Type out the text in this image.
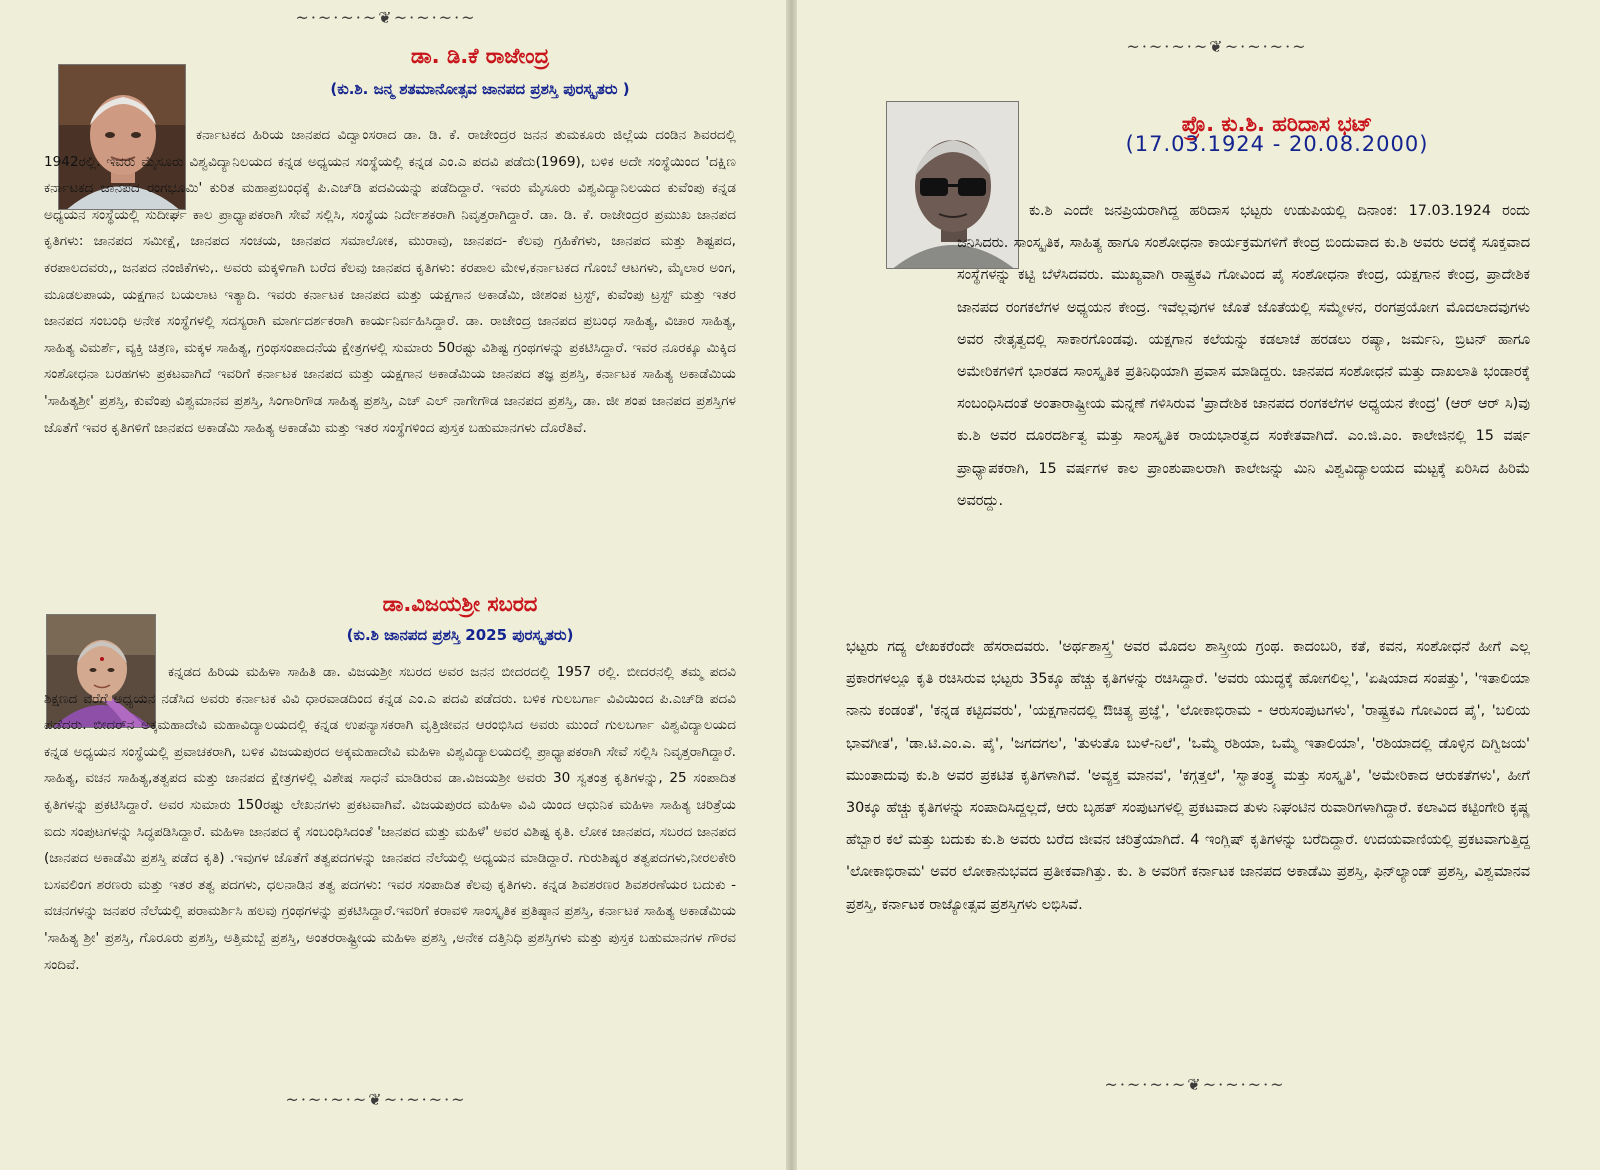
~·~·~·~❦~·~·~·~
ಡಾ. ಡಿ.ಕೆ ರಾಜೇಂದ್ರ
(ಕು.ಶಿ. ಜನ್ಮ ಶತಮಾನೋತ್ಸವ ಜಾನಪದ ಪ್ರಶಸ್ತಿ ಪುರಸ್ಕೃತರು )

ಕರ್ನಾಟಕದ ಹಿರಿಯ ಜಾನಪದ ವಿದ್ವಾಂಸರಾದ ಡಾ. ಡಿ. ಕೆ. ರಾಜೇಂದ್ರರ ಜನನ ತುಮಕೂರು ಜಿಲ್ಲೆಯ ದಂಡಿನ ಶಿವರದಲ್ಲಿ 1942ರಲ್ಲಿ. ಇವರು ಮೈಸೂರು ವಿಶ್ವವಿದ್ಯಾನಿಲಯದ ಕನ್ನಡ ಅಧ್ಯಯನ ಸಂಸ್ಥೆಯಲ್ಲಿ ಕನ್ನಡ ಎಂ.ಎ ಪದವಿ ಪಡೆದು(1969), ಬಳಿಕ ಅದೇ ಸಂಸ್ಥೆಯಿಂದ 'ದಕ್ಷಿಣ ಕರ್ನಾಟಕದ ಜಾನಪದ ರಂಗಭೂಮಿ' ಕುರಿತ ಮಹಾಪ್ರಬಂಧಕ್ಕೆ ಪಿ.ಎಚ್‌ಡಿ ಪದವಿಯನ್ನು ಪಡೆದಿದ್ದಾರೆ. ಇವರು ಮೈಸೂರು ವಿಶ್ವವಿದ್ಯಾನಿಲಯದ ಕುವೆಂಪು ಕನ್ನಡ ಅಧ್ಯಯನ ಸಂಸ್ಥೆಯಲ್ಲಿ ಸುದೀರ್ಘ ಕಾಲ ಪ್ರಾಧ್ಯಾಪಕರಾಗಿ ಸೇವೆ ಸಲ್ಲಿಸಿ, ಸಂಸ್ಥೆಯ ನಿರ್ದೇಶಕರಾಗಿ ನಿವೃತ್ತರಾಗಿದ್ದಾರೆ. ಡಾ. ಡಿ. ಕೆ. ರಾಜೇಂದ್ರರ ಪ್ರಮುಖ ಜಾನಪದ ಕೃತಿಗಳು: ಜಾನಪದ ಸಮೀಕ್ಷೆ, ಜಾನಪದ ಸಂಚಯ, ಜಾನಪದ ಸಮಾಲೋಕ, ಮುರಾವು, ಜಾನಪದ- ಕೆಲವು ಗ್ರಹಿಕೆಗಳು, ಜಾನಪದ ಮತ್ತು ಶಿಷ್ಟಪದ, ಕರಪಾಲದವರು,, ಜನಪದ ನಂಜಿಕೆಗಳು,. ಅವರು ಮಕ್ಕಳಿಗಾಗಿ ಬರೆದ ಕೆಲವು ಜಾನಪದ ಕೃತಿಗಳು: ಕರಪಾಲ ಮೇಳ,ಕರ್ನಾಟಕದ ಗೊಂಬೆ ಆಟಗಳು, ಮೈಲಾರ ಅಂಗ, ಮೂಡಲಪಾಯ, ಯಕ್ಷಗಾನ ಬಯಲಾಟ ಇತ್ಯಾದಿ. ಇವರು ಕರ್ನಾಟಕ ಜಾನಪದ ಮತ್ತು ಯಕ್ಷಗಾನ ಅಕಾಡೆಮಿ, ಜೀಶಂಪ ಟ್ರಸ್ಟ್, ಕುವೆಂಪು ಟ್ರಸ್ಟ್ ಮತ್ತು ಇತರ ಜಾನಪದ ಸಂಬಂಧಿ ಅನೇಕ ಸಂಸ್ಥೆಗಳಲ್ಲಿ ಸದಸ್ಯರಾಗಿ ಮಾರ್ಗದರ್ಶಕರಾಗಿ ಕಾರ್ಯನಿರ್ವಹಿಸಿದ್ದಾರೆ. ಡಾ. ರಾಜೇಂದ್ರ ಜಾನಪದ ಪ್ರಬಂಧ ಸಾಹಿತ್ಯ, ವಿಚಾರ ಸಾಹಿತ್ಯ, ಸಾಹಿತ್ಯ ವಿಮರ್ಶೆ, ವ್ಯಕ್ತಿ ಚಿತ್ರಣ, ಮಕ್ಕಳ ಸಾಹಿತ್ಯ, ಗ್ರಂಥಸಂಪಾದನೆಯ ಕ್ಷೇತ್ರಗಳಲ್ಲಿ ಸುಮಾರು 50ರಷ್ಟು ವಿಶಿಷ್ಟ ಗ್ರಂಥಗಳನ್ನು ಪ್ರಕಟಿಸಿದ್ದಾರೆ. ಇವರ ನೂರಕ್ಕೂ ಮಿಕ್ಕಿದ ಸಂಶೋಧನಾ ಬರಹಗಳು ಪ್ರಕಟವಾಗಿದೆ ಇವರಿಗೆ ಕರ್ನಾಟಕ ಜಾನಪದ ಮತ್ತು ಯಕ್ಷಗಾನ ಅಕಾಡೆಮಿಯ ಜಾನಪದ ತಜ್ಞ ಪ್ರಶಸ್ತಿ, ಕರ್ನಾಟಕ ಸಾಹಿತ್ಯ ಅಕಾಡೆಮಿಯ 'ಸಾಹಿತ್ಯಶ್ರೀ' ಪ್ರಶಸ್ತಿ, ಕುವೆಂಪು ವಿಶ್ವಮಾನವ ಪ್ರಶಸ್ತಿ, ಸಿಂಗಾರಿಗೌಡ ಸಾಹಿತ್ಯ ಪ್ರಶಸ್ತಿ, ಎಚ್ ಎಲ್ ನಾಗೇಗೌಡ ಜಾನಪದ ಪ್ರಶಸ್ತಿ, ಡಾ. ಜೀ ಶಂಪ ಜಾನಪದ ಪ್ರಶಸ್ತಿಗಳ ಜೊತೆಗೆ ಇವರ ಕೃತಿಗಳಿಗೆ ಜಾನಪದ ಅಕಾಡೆಮಿ ಸಾಹಿತ್ಯ ಅಕಾಡೆಮಿ ಮತ್ತು ಇತರ ಸಂಸ್ಥೆಗಳಿಂದ ಪುಸ್ತಕ ಬಹುಮಾನಗಳು ದೊರೆತಿವೆ.

ಡಾ.ವಿಜಯಶ್ರೀ ಸಬರದ
(ಕು.ಶಿ ಜಾನಪದ ಪ್ರಶಸ್ತಿ 2025 ಪುರಸ್ಕೃತರು)

ಕನ್ನಡದ ಹಿರಿಯ ಮಹಿಳಾ ಸಾಹಿತಿ ಡಾ. ವಿಜಯಶ್ರೀ ಸಬರದ ಅವರ ಜನನ ಬೀದರದಲ್ಲಿ 1957 ರಲ್ಲಿ. ಬೀದರನಲ್ಲಿ ತಮ್ಮ ಪದವಿ ಶಿಕ್ಷಣದ ವರೆಗೆ ಅಧ್ಯಯನ ನಡೆಸಿದ ಅವರು ಕರ್ನಾಟಕ ವಿವಿ ಧಾರವಾಡದಿಂದ ಕನ್ನಡ ಎಂ.ಎ ಪದವಿ ಪಡೆದರು. ಬಳಿಕ ಗುಲಬರ್ಗಾ ವಿವಿಯಿಂದ ಪಿ.ಎಚ್‌ಡಿ ಪದವಿ ಪಡೆದರು. ಬೀದರ್‌ನ ಅಕ್ಕಮಹಾದೇವಿ ಮಹಾವಿದ್ಯಾಲಯದಲ್ಲಿ ಕನ್ನಡ ಉಪನ್ಯಾಸಕರಾಗಿ ವೃತ್ತಿಜೀವನ ಆರಂಭಿಸಿದ ಅವರು ಮುಂದೆ ಗುಲಬರ್ಗಾ ವಿಶ್ವವಿದ್ಯಾಲಯದ ಕನ್ನಡ ಅಧ್ಯಯನ ಸಂಸ್ಥೆಯಲ್ಲಿ ಪ್ರವಾಚಕರಾಗಿ, ಬಳಿಕ ವಿಜಯಪುರದ ಅಕ್ಕಮಹಾದೇವಿ ಮಹಿಳಾ ವಿಶ್ವವಿದ್ಯಾಲಯದಲ್ಲಿ ಪ್ರಾಧ್ಯಾಪಕರಾಗಿ ಸೇವೆ ಸಲ್ಲಿಸಿ ನಿವೃತ್ತರಾಗಿದ್ದಾರೆ. ಸಾಹಿತ್ಯ, ವಚನ ಸಾಹಿತ್ಯ,ತತ್ವಪದ ಮತ್ತು ಜಾನಪದ ಕ್ಷೇತ್ರಗಳಲ್ಲಿ ವಿಶೇಷ ಸಾಧನೆ ಮಾಡಿರುವ ಡಾ.ವಿಜಯಶ್ರೀ ಅವರು 30 ಸ್ವತಂತ್ರ ಕೃತಿಗಳನ್ನು, 25 ಸಂಪಾದಿತ ಕೃತಿಗಳನ್ನು ಪ್ರಕಟಿಸಿದ್ದಾರೆ. ಅವರ ಸುಮಾರು 150ರಷ್ಟು ಲೇಖನಗಳು ಪ್ರಕಟವಾಗಿವೆ. ವಿಜಯಪುರದ ಮಹಿಳಾ ವಿವಿ ಯಿಂದ ಆಧುನಿಕ ಮಹಿಳಾ ಸಾಹಿತ್ಯ ಚರಿತ್ರೆಯ ಐದು ಸಂಪುಟಗಳನ್ನು ಸಿದ್ಧಪಡಿಸಿದ್ದಾರೆ. ಮಹಿಳಾ ಜಾನಪದ ಕ್ಕೆ ಸಂಬಂಧಿಸಿದಂತೆ 'ಜಾನಪದ ಮತ್ತು ಮಹಿಳೆ' ಅವರ ವಿಶಿಷ್ಟ ಕೃತಿ. ಲೋಕ ಜಾನಪದ, ಸಬರದ ಜಾನಪದ (ಜಾನಪದ ಅಕಾಡೆಮಿ ಪ್ರಶಸ್ತಿ ಪಡೆದ ಕೃತಿ) .ಇವುಗಳ ಜೊತೆಗೆ ತತ್ವಪದಗಳನ್ನು ಜಾನಪದ ನೆಲೆಯಲ್ಲಿ ಅಧ್ಯಯನ ಮಾಡಿದ್ದಾರೆ. ಗುರುಶಿಷ್ಯರ ತತ್ವಪದಗಳು,ನೀರಲಕೇರಿ ಬಸವಲಿಂಗ ಶರಣರು ಮತ್ತು ಇತರ ತತ್ವ ಪದಗಳು, ಧಲನಾಡಿನ ತತ್ವ ಪದಗಳು: ಇವರ ಸಂಪಾದಿತ ಕೆಲವು ಕೃತಿಗಳು. ಕನ್ನಡ ಶಿವಶರಣರ ಶಿವಶರಣೆಯರ ಬದುಕು - ವಚನಗಳನ್ನು ಜನಪರ ನೆಲೆಯಲ್ಲಿ ಪರಾಮರ್ಶಿಸಿ ಹಲವು ಗ್ರಂಥಗಳನ್ನು ಪ್ರಕಟಿಸಿದ್ದಾರೆ.ಇವರಿಗೆ ಕರಾವಳಿ ಸಾಂಸ್ಕೃತಿಕ ಪ್ರತಿಷ್ಠಾನ ಪ್ರಶಸ್ತಿ, ಕರ್ನಾಟಕ ಸಾಹಿತ್ಯ ಅಕಾಡೆಮಿಯ 'ಸಾಹಿತ್ಯ ಶ್ರೀ' ಪ್ರಶಸ್ತಿ, ಗೊರೂರು ಪ್ರಶಸ್ತಿ, ಅತ್ತಿಮಬ್ಬೆ ಪ್ರಶಸ್ತಿ, ಅಂತರರಾಷ್ಟ್ರೀಯ ಮಹಿಳಾ ಪ್ರಶಸ್ತಿ ,ಅನೇಕ ದತ್ತಿನಿಧಿ ಪ್ರಶಸ್ತಿಗಳು ಮತ್ತು ಪುಸ್ತಕ ಬಹುಮಾನಗಳ ಗೌರವ ಸಂದಿವೆ.

~·~·~·~❦~·~·~·~
~·~·~·~❦~·~·~·~
ಪ್ರೊ. ಕು.ಶಿ. ಹರಿದಾಸ ಭಟ್
(17.03.1924 - 20.08.2000)

ಕು.ಶಿ ಎಂದೇ ಜನಪ್ರಿಯರಾಗಿದ್ದ ಹರಿದಾಸ ಭಟ್ಟರು ಉಡುಪಿಯಲ್ಲಿ ದಿನಾಂಕ: 17.03.1924 ರಂದು ಜನಿಸಿದರು. ಸಾಂಸ್ಕೃತಿಕ, ಸಾಹಿತ್ಯ ಹಾಗೂ ಸಂಶೋಧನಾ ಕಾರ್ಯಕ್ರಮಗಳಿಗೆ ಕೇಂದ್ರ ಬಿಂದುವಾದ ಕು.ಶಿ ಅವರು ಅದಕ್ಕೆ ಸೂಕ್ತವಾದ ಸಂಸ್ಥೆಗಳನ್ನು ಕಟ್ಟಿ ಬೆಳೆಸಿದವರು. ಮುಖ್ಯವಾಗಿ ರಾಷ್ಟ್ರಕವಿ ಗೋವಿಂದ ಪೈ ಸಂಶೋಧನಾ ಕೇಂದ್ರ, ಯಕ್ಷಗಾನ ಕೇಂದ್ರ, ಪ್ರಾದೇಶಿಕ ಜಾನಪದ ರಂಗಕಲೆಗಳ ಅಧ್ಯಯನ ಕೇಂದ್ರ. ಇವೆಲ್ಲವುಗಳ ಜೊತೆ ಜೊತೆಯಲ್ಲಿ ಸಮ್ಮೇಳನ, ರಂಗಪ್ರಯೋಗ ಮೊದಲಾದವುಗಳು ಅವರ ನೇತೃತ್ವದಲ್ಲಿ ಸಾಕಾರಗೊಂಡವು. ಯಕ್ಷಗಾನ ಕಲೆಯನ್ನು ಕಡಲಾಚೆ ಹರಡಲು ರಷ್ಯಾ, ಜರ್ಮನಿ, ಬ್ರಿಟನ್ ಹಾಗೂ ಅಮೇರಿಕಗಳಿಗೆ ಭಾರತದ ಸಾಂಸ್ಕೃತಿಕ ಪ್ರತಿನಿಧಿಯಾಗಿ ಪ್ರವಾಸ ಮಾಡಿದ್ದರು. ಜಾನಪದ ಸಂಶೋಧನೆ ಮತ್ತು ದಾಖಲಾತಿ ಭಂಡಾರಕ್ಕೆ ಸಂಬಂಧಿಸಿದಂತೆ ಅಂತಾರಾಷ್ಟ್ರೀಯ ಮನ್ನಣೆ ಗಳಿಸಿರುವ 'ಪ್ರಾದೇಶಿಕ ಜಾನಪದ ರಂಗಕಲೆಗಳ ಅಧ್ಯಯನ ಕೇಂದ್ರ' (ಆರ್ ಆರ್ ಸಿ)ವು ಕು.ಶಿ ಅವರ ದೂರದರ್ಶಿತ್ವ ಮತ್ತು ಸಾಂಸ್ಕೃತಿಕ ರಾಯಭಾರತ್ವದ ಸಂಕೇತವಾಗಿದೆ. ಎಂ.ಜಿ.ಎಂ. ಕಾಲೇಜಿನಲ್ಲಿ 15 ವರ್ಷ ಪ್ರಾಧ್ಯಾಪಕರಾಗಿ, 15 ವರ್ಷಗಳ ಕಾಲ ಪ್ರಾಂಶುಪಾಲರಾಗಿ ಕಾಲೇಜನ್ನು ಮಿನಿ ವಿಶ್ವವಿದ್ಯಾಲಯದ ಮಟ್ಟಕ್ಕೆ ಏರಿಸಿದ ಹಿರಿಮೆ ಅವರದ್ದು.

ಭಟ್ಟರು ಗದ್ಯ ಲೇಖಕರೆಂದೇ ಹೆಸರಾದವರು. 'ಅರ್ಥಶಾಸ್ತ್ರ' ಅವರ ಮೊದಲ ಶಾಸ್ತ್ರೀಯ ಗ್ರಂಥ. ಕಾದಂಬರಿ, ಕತೆ, ಕವನ, ಸಂಶೋಧನೆ ಹೀಗೆ ಎಲ್ಲ ಪ್ರಕಾರಗಳಲ್ಲೂ ಕೃತಿ ರಚಿಸಿರುವ ಭಟ್ಟರು 35ಕ್ಕೂ ಹೆಚ್ಚು ಕೃತಿಗಳನ್ನು ರಚಿಸಿದ್ದಾರೆ. 'ಅವರು ಯುದ್ಧಕ್ಕೆ ಹೋಗಲಿಲ್ಲ', 'ಏಷಿಯಾದ ಸಂಪತ್ತು', 'ಇತಾಲಿಯಾ ನಾನು ಕಂಡಂತೆ', 'ಕನ್ನಡ ಕಟ್ಟಿದವರು', 'ಯಕ್ಷಗಾನದಲ್ಲಿ ಔಚಿತ್ಯ ಪ್ರಜ್ಞೆ', 'ಲೋಕಾಭಿರಾಮ - ಆರುಸಂಪುಟಗಳು', 'ರಾಷ್ಟ್ರಕವಿ ಗೋವಿಂದ ಪೈ', 'ಬಲಿಯ ಭಾವಗೀತ', 'ಡಾ.ಟಿ.ಎಂ.ಎ. ಪೈ', 'ಜಗದಗಲ', 'ತುಳುತೊ ಬುಳೆ-ನಿಲೆ', 'ಒಮ್ಮೆ ರಶಿಯಾ, ಒಮ್ಮೆ ಇತಾಲಿಯಾ', 'ರಶಿಯಾದಲ್ಲಿ ಡೊಳ್ಳಿನ ದಿಗ್ವಿಜಯ' ಮುಂತಾದುವು ಕು.ಶಿ ಅವರ ಪ್ರಕಟಿತ ಕೃತಿಗಳಾಗಿವೆ. 'ಅವ್ಯಕ್ತ ಮಾನವ', 'ಕಗ್ಗತ್ತಲೆ', 'ಸ್ವಾತಂತ್ರ್ಯ ಮತ್ತು ಸಂಸ್ಕೃತಿ', 'ಅಮೇರಿಕಾದ ಆರುಕತೆಗಳು', ಹೀಗೆ 30ಕ್ಕೂ ಹೆಚ್ಚು ಕೃತಿಗಳನ್ನು ಸಂಪಾದಿಸಿದ್ದಲ್ಲದೆ, ಆರು ಬೃಹತ್ ಸಂಪುಟಗಳಲ್ಲಿ ಪ್ರಕಟವಾದ ತುಳು ನಿಘಂಟಿನ ರುವಾರಿಗಳಾಗಿದ್ದಾರೆ. ಕಲಾವಿದ ಕಟ್ಟಿಂಗೇರಿ ಕೃಷ್ಣ ಹೆಬ್ಬಾರ ಕಲೆ ಮತ್ತು ಬದುಕು ಕು.ಶಿ ಅವರು ಬರೆದ ಜೀವನ ಚರಿತ್ರೆಯಾಗಿದೆ. 4 ಇಂಗ್ಲಿಷ್ ಕೃತಿಗಳನ್ನು ಬರೆದಿದ್ದಾರೆ. ಉದಯವಾಣಿಯಲ್ಲಿ ಪ್ರಕಟವಾಗುತ್ತಿದ್ದ 'ಲೋಕಾಭಿರಾಮ' ಅವರ ಲೋಕಾನುಭವದ ಪ್ರತೀಕವಾಗಿತ್ತು. ಕು. ಶಿ ಅವರಿಗೆ ಕರ್ನಾಟಕ ಜಾನಪದ ಅಕಾಡೆಮಿ ಪ್ರಶಸ್ತಿ, ಫಿನ್‌ಲ್ಯಾಂಡ್ ಪ್ರಶಸ್ತಿ, ವಿಶ್ವಮಾನವ ಪ್ರಶಸ್ತಿ, ಕರ್ನಾಟಕ ರಾಜ್ಯೋತ್ಸವ ಪ್ರಶಸ್ತಿಗಳು ಲಭಿಸಿವೆ.

~·~·~·~❦~·~·~·~
